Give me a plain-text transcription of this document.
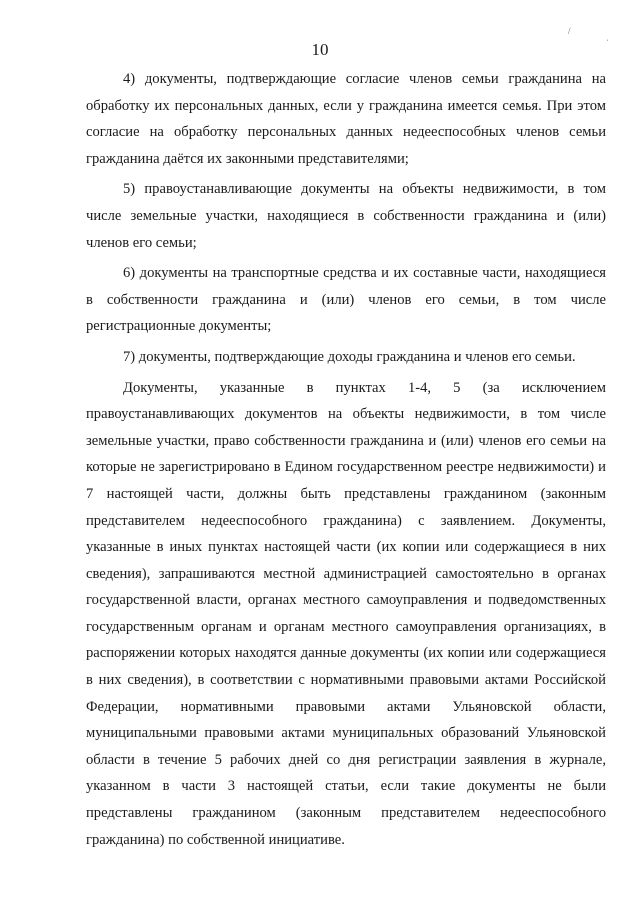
10
/	ˌ

4) документы, подтверждающие согласие членов семьи гражданина на обработку их персональных данных, если у гражданина имеется семья. При этом согласие на обработку персональных данных недееспособных членов семьи гражданина даётся их законными представителями;

5) правоустанавливающие документы на объекты недвижимости, в том числе земельные участки, находящиеся в собственности гражданина и (или) членов его семьи;

6) документы на транспортные средства и их составные части, находящиеся в собственности гражданина и (или) членов его семьи, в том числе регистрационные документы;

7) документы, подтверждающие доходы гражданина и членов его семьи.

Документы, указанные в пунктах 1-4, 5 (за исключением правоустанавливающих документов на объекты недвижимости, в том числе земельные участки, право собственности гражданина и (или) членов его семьи на которые не зарегистрировано в Едином государственном реестре недвижимости) и 7 настоящей части, должны быть представлены гражданином (законным представителем недееспособного гражданина) с заявлением. Документы, указанные в иных пунктах настоящей части (их копии или содержащиеся в них сведения), запрашиваются местной администрацией самостоятельно в органах государственной власти, органах местного самоуправления и подведомственных государственным органам и органам местного самоуправления организациях, в распоряжении которых находятся данные документы (их копии или содержащиеся в них сведения), в соответствии с нормативными правовыми актами Российской Федерации, нормативными правовыми актами Ульяновской области, муниципальными правовыми актами муниципальных образований Ульяновской области в течение 5 рабочих дней со дня регистрации заявления в журнале, указанном в части 3 настоящей статьи, если такие документы не были представлены гражданином (законным представителем недееспособного гражданина) по собственной инициативе.
